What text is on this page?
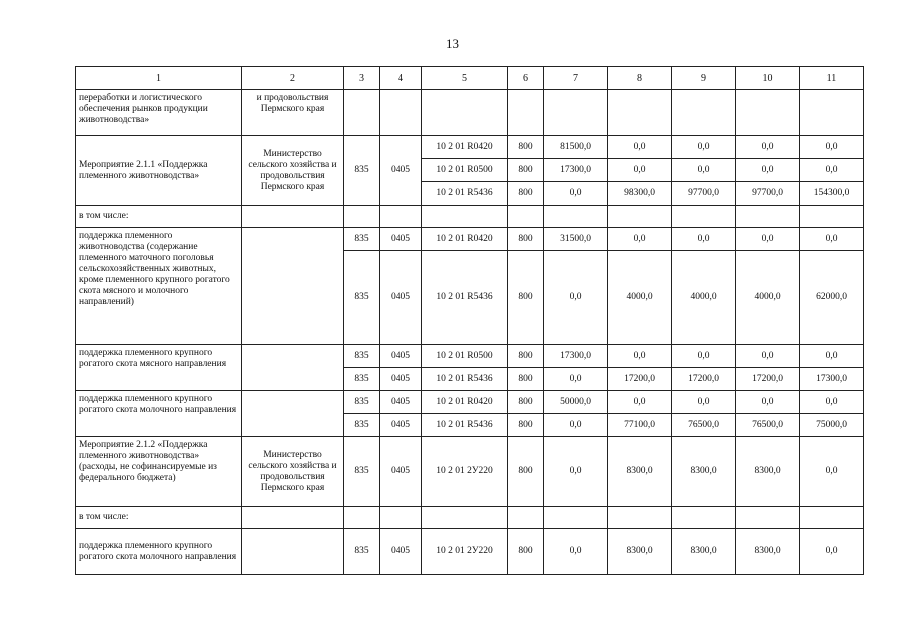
13
1	2	3	4	5	6	7	8	9	10	11
переработки и логистического обеспечения рынков продукции животноводства»	и продовольствия Пермского края									
Мероприятие 2.1.1 «Поддержка племенного животноводства»	Министерство сельского хозяйства и продовольствия Пермского края	835	0405	10 2 01 R0420	800	81500,0	0,0	0,0	0,0	0,0
				10 2 01 R0500	800	17300,0	0,0	0,0	0,0	0,0
				10 2 01 R5436	800	0,0	98300,0	97700,0	97700,0	154300,0
в том числе:										
поддержка племенного животноводства (содержание племенного маточного поголовья сельскохозяйственных животных, кроме племенного крупного рогатого скота мясного и молочного направлений)		835	0405	10 2 01 R0420	800	31500,0	0,0	0,0	0,0	0,0
		835	0405	10 2 01 R5436	800	0,0	4000,0	4000,0	4000,0	62000,0
поддержка племенного крупного рогатого скота мясного направления		835	0405	10 2 01 R0500	800	17300,0	0,0	0,0	0,0	0,0
		835	0405	10 2 01 R5436	800	0,0	17200,0	17200,0	17200,0	17300,0
поддержка племенного крупного рогатого скота молочного направления		835	0405	10 2 01 R0420	800	50000,0	0,0	0,0	0,0	0,0
		835	0405	10 2 01 R5436	800	0,0	77100,0	76500,0	76500,0	75000,0
Мероприятие 2.1.2 «Поддержка племенного животноводства» (расходы, не софинансируемые из федерального бюджета)	Министерство сельского хозяйства и продовольствия Пермского края	835	0405	10 2 01 2У220	800	0,0	8300,0	8300,0	8300,0	0,0
в том числе:										
поддержка племенного крупного рогатого скота молочного направления		835	0405	10 2 01 2У220	800	0,0	8300,0	8300,0	8300,0	0,0
